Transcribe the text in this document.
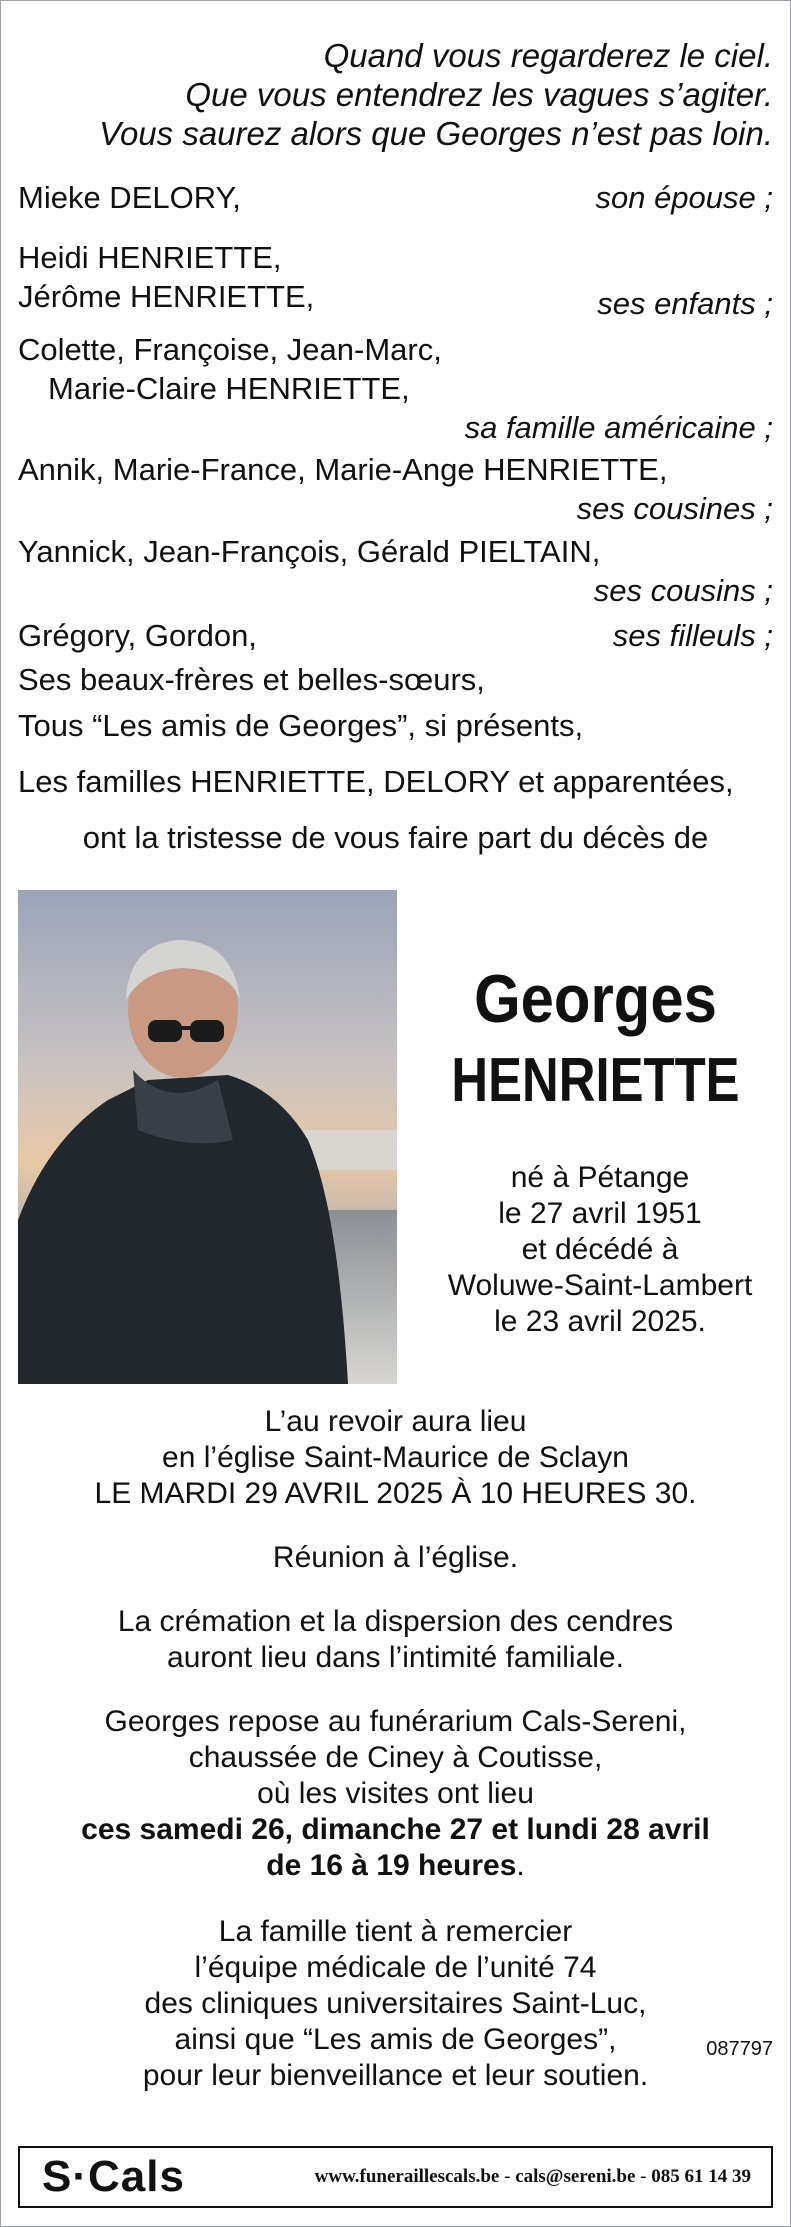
Quand vous regarderez le ciel.
Que vous entendrez les vagues s’agiter.
Vous saurez alors que Georges n’est pas loin.
Mieke DELORY,	son épouse ;
Heidi HENRIETTE,
Jérôme HENRIETTE,	ses enfants ;
Colette, Françoise, Jean-Marc,
Marie-Claire HENRIETTE,
sa famille américaine ;
Annik, Marie-France, Marie-Ange HENRIETTE,
ses cousines ;
Yannick, Jean-François, Gérald PIELTAIN,
ses cousins ;
Grégory, Gordon,	ses filleuls ;
Ses beaux-frères et belles-sœurs,
Tous “Les amis de Georges”, si présents,
Les familles HENRIETTE, DELORY et apparentées,
ont la tristesse de vous faire part du décès de
Georges
HENRIETTE
né à Pétange
le 27 avril 1951
et décédé à
Woluwe-Saint-Lambert
le 23 avril 2025.
L’au revoir aura lieu
en l’église Saint-Maurice de Sclayn
LE MARDI 29 AVRIL 2025 À 10 HEURES 30.
Réunion à l’église.
La crémation et la dispersion des cendres
auront lieu dans l’intimité familiale.
Georges repose au funérarium Cals-Sereni,
chaussée de Ciney à Coutisse,
où les visites ont lieu
ces samedi 26, dimanche 27 et lundi 28 avril
de 16 à 19 heures.
La famille tient à remercier
l’équipe médicale de l’unité 74
des cliniques universitaires Saint-Luc,
ainsi que “Les amis de Georges”,
pour leur bienveillance et leur soutien.
087797
S·Cals	www.funeraillescals.be - cals@sereni.be - 085 61 14 39
